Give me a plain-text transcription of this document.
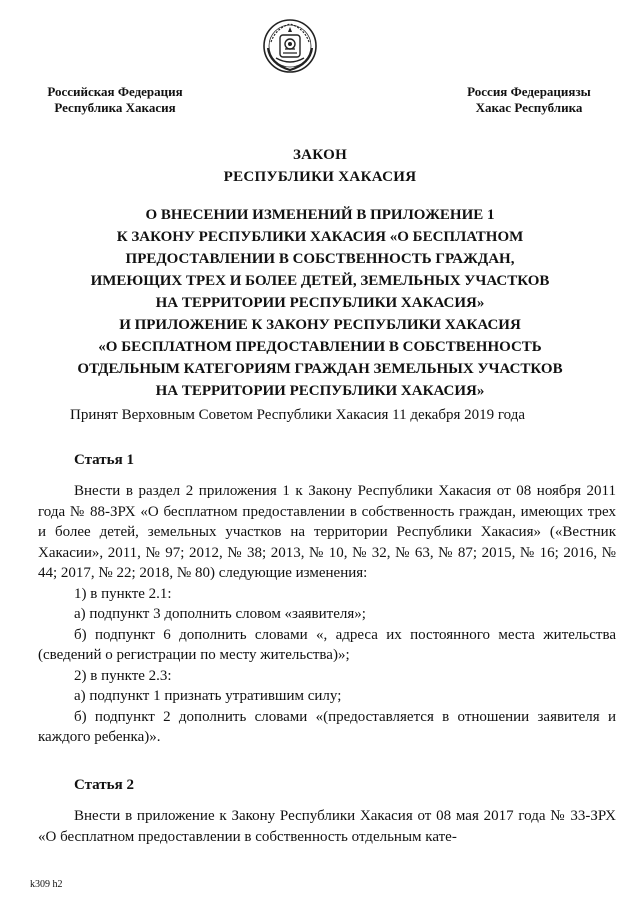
Российская Федерация
Республика Хакасия
Россия Федерациязы
Хакас Республика
ЗАКОН
РЕСПУБЛИКИ ХАКАСИЯ
О ВНЕСЕНИИ ИЗМЕНЕНИЙ В ПРИЛОЖЕНИЕ 1
К ЗАКОНУ РЕСПУБЛИКИ ХАКАСИЯ «О БЕСПЛАТНОМ
ПРЕДОСТАВЛЕНИИ В СОБСТВЕННОСТЬ ГРАЖДАН,
ИМЕЮЩИХ ТРЕХ И БОЛЕЕ ДЕТЕЙ, ЗЕМЕЛЬНЫХ УЧАСТКОВ
НА ТЕРРИТОРИИ РЕСПУБЛИКИ ХАКАСИЯ»
И ПРИЛОЖЕНИЕ К ЗАКОНУ РЕСПУБЛИКИ ХАКАСИЯ
«О БЕСПЛАТНОМ ПРЕДОСТАВЛЕНИИ В СОБСТВЕННОСТЬ
ОТДЕЛЬНЫМ КАТЕГОРИЯМ ГРАЖДАН ЗЕМЕЛЬНЫХ УЧАСТКОВ
НА ТЕРРИТОРИИ РЕСПУБЛИКИ ХАКАСИЯ»
Принят Верховным Советом Республики Хакасия 11 декабря 2019 года
Статья 1

Внести в раздел 2 приложения 1 к Закону Республики Хакасия от 08 ноября 2011 года № 88-ЗРХ «О бесплатном предоставлении в собственность граждан, имеющих трех и более детей, земельных участков на территории Республики Хакасия» («Вестник Хакасии», 2011, № 97; 2012, № 38; 2013, № 10, № 32, № 63, № 87; 2015, № 16; 2016, № 44; 2017, № 22; 2018, № 80) следующие изменения:

1) в пункте 2.1:

а) подпункт 3 дополнить словом «заявителя»;

б) подпункт 6 дополнить словами «, адреса их постоянного места жительства (сведений о регистрации по месту жительства)»;

2) в пункте 2.3:

а) подпункт 1 признать утратившим силу;

б) подпункт 2 дополнить словами «(предоставляется в отношении заявителя и каждого ребенка)».

Статья 2

Внести в приложение к Закону Республики Хакасия от 08 мая 2017 года № 33-ЗРХ «О бесплатном предоставлении в собственность отдельным кате-

k309 h2
